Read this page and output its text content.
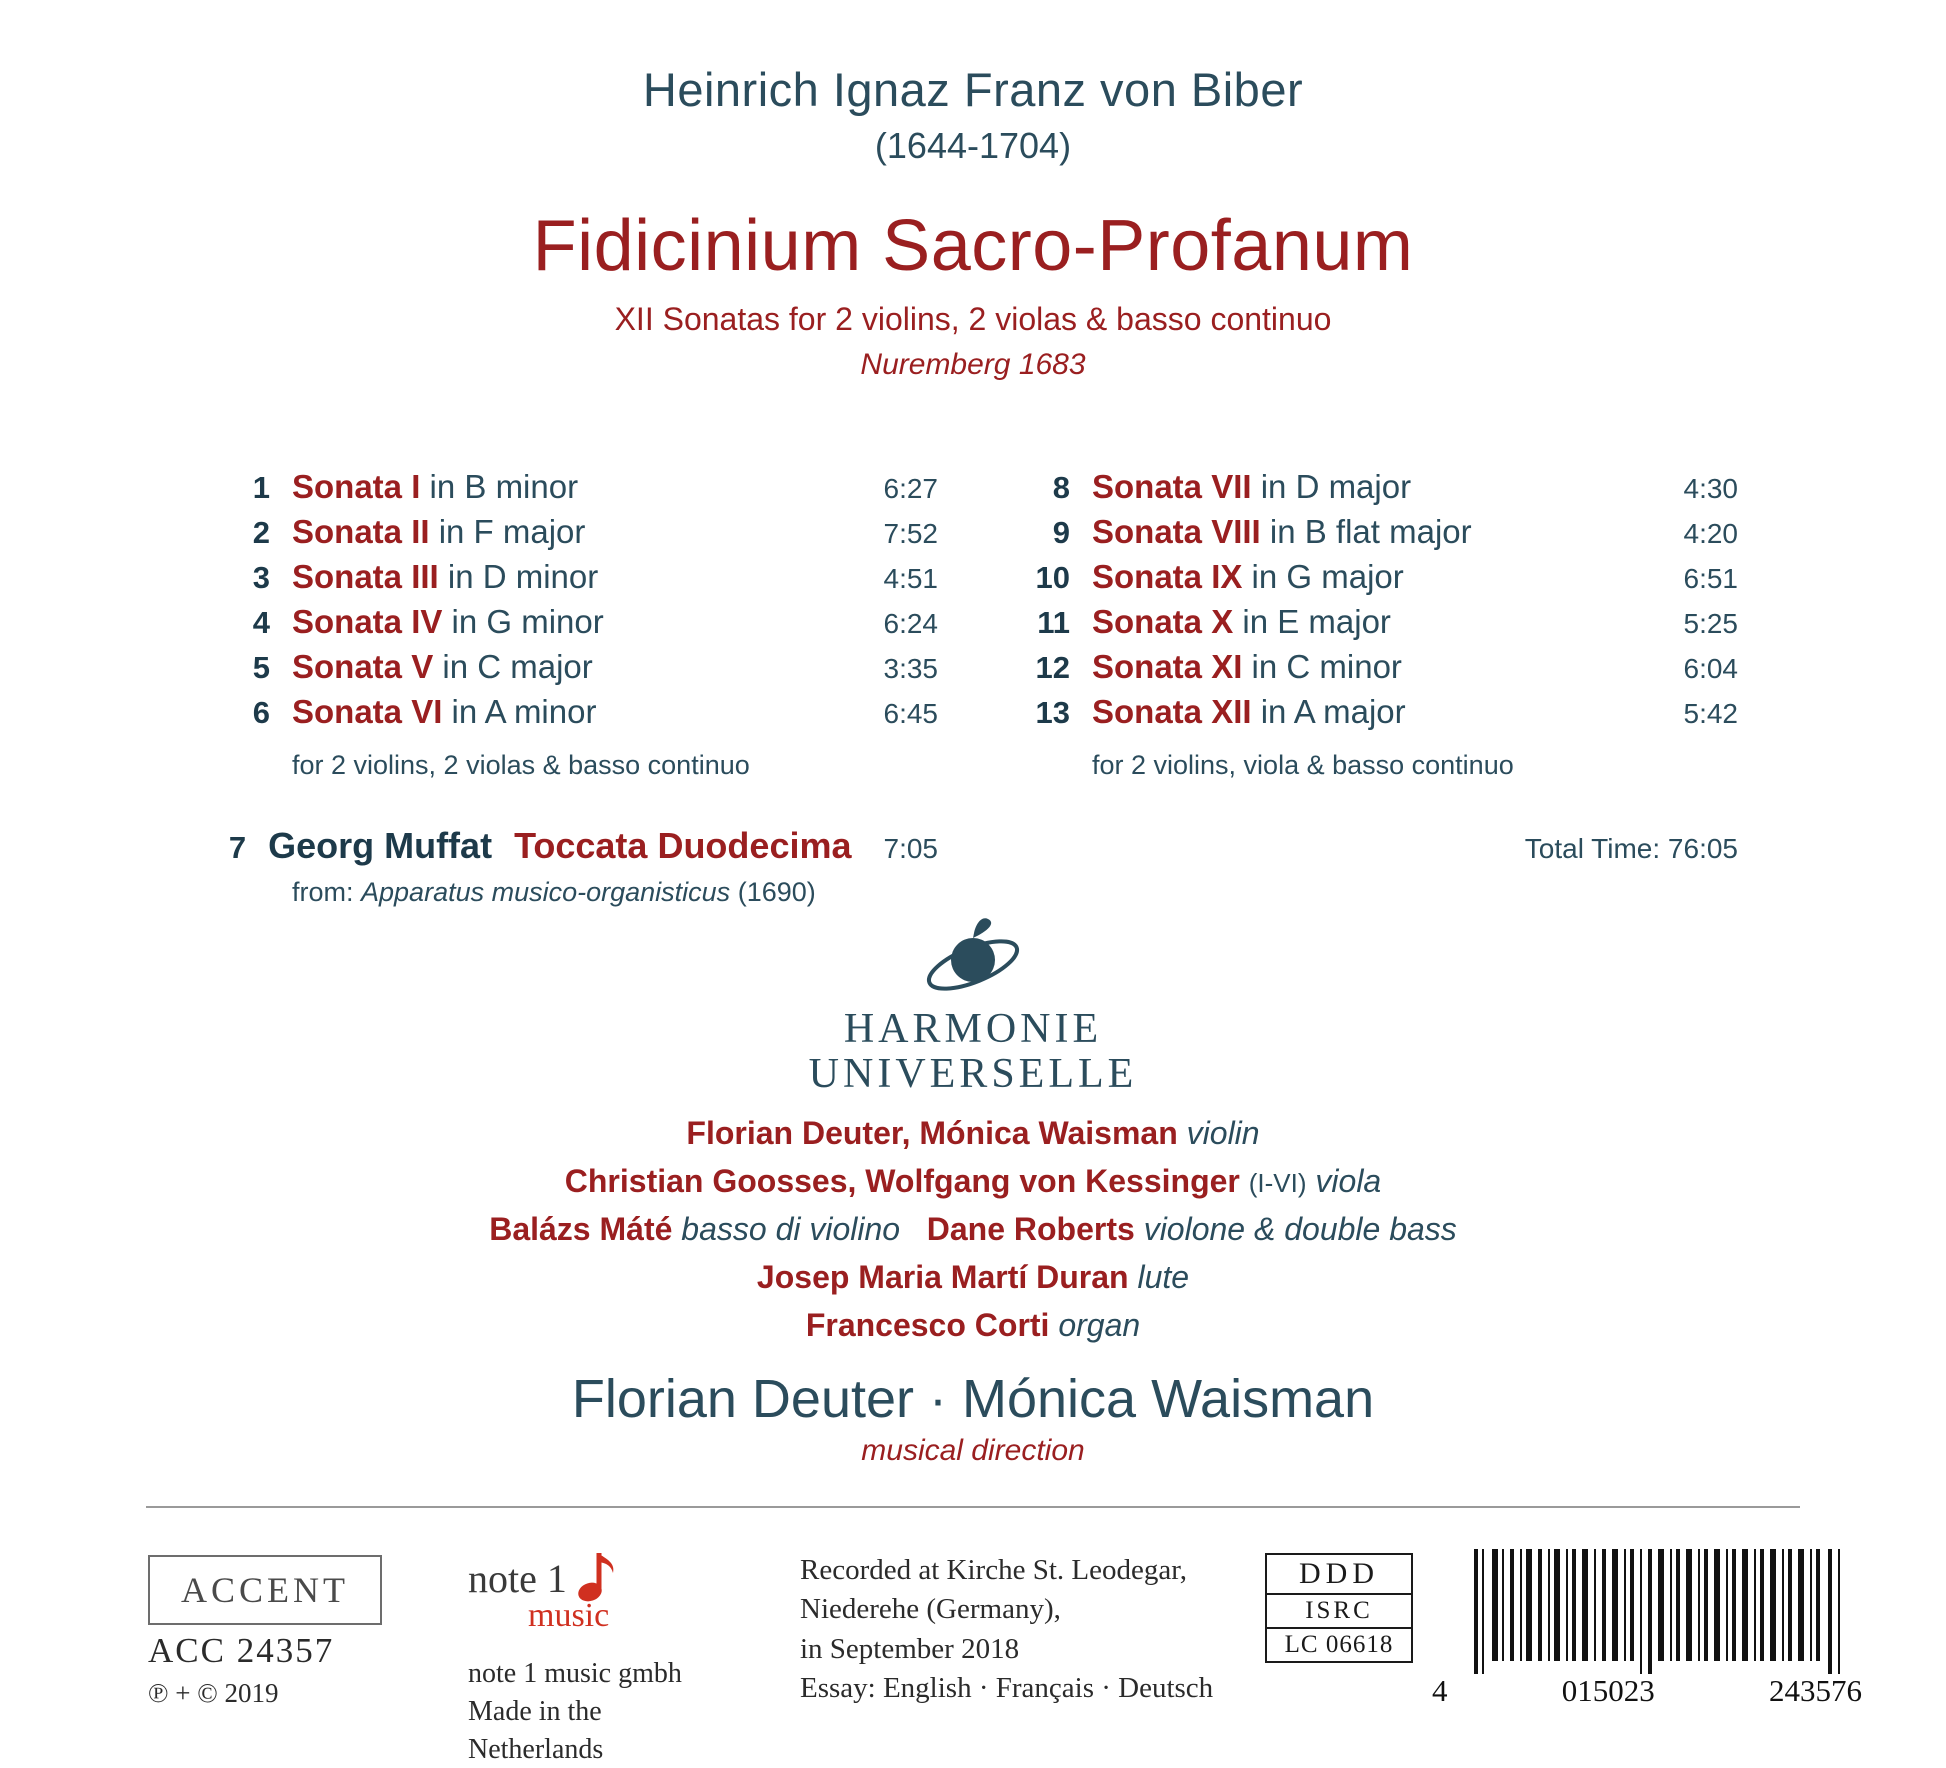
Heinrich Ignaz Franz von Biber
(1644-1704)
Fidicinium Sacro-Profanum
XII Sonatas for 2 violins, 2 violas & basso continuo
Nuremberg 1683
1 Sonata I in B minor	6:27
2 Sonata II in F major	7:52
3 Sonata III in D minor	4:51
4 Sonata IV in G minor	6:24
5 Sonata V in C major	3:35
6 Sonata VI in A minor	6:45
for 2 violins, 2 violas & basso continuo
8 Sonata VII in D major	4:30
9 Sonata VIII in B flat major	4:20
10 Sonata IX in G major	6:51
11 Sonata X in E major	5:25
12 Sonata XI in C minor	6:04
13 Sonata XII in A major	5:42
for 2 violins, viola & basso continuo
7 Georg Muffat Toccata Duodecima	7:05
from: Apparatus musico-organisticus (1690)
Total Time: 76:05
HARMONIE
UNIVERSELLE
Florian Deuter, Mónica Waisman violin
Christian Goosses, Wolfgang von Kessinger (I-VI) viola
Balázs Máté basso di violino Dane Roberts violone & double bass
Josep Maria Martí Duran lute
Francesco Corti organ
Florian Deuter · Mónica Waisman
musical direction
ACCENT
ACC 24357
℗ + © 2019
note 1
music
note 1 music gmbh
Made in the Netherlands
Recorded at Kirche St. Leodegar,
Niederehe (Germany),
in September 2018
Essay: English · Français · Deutsch
DDD
ISRC
LC 06618
4	015023	243576
